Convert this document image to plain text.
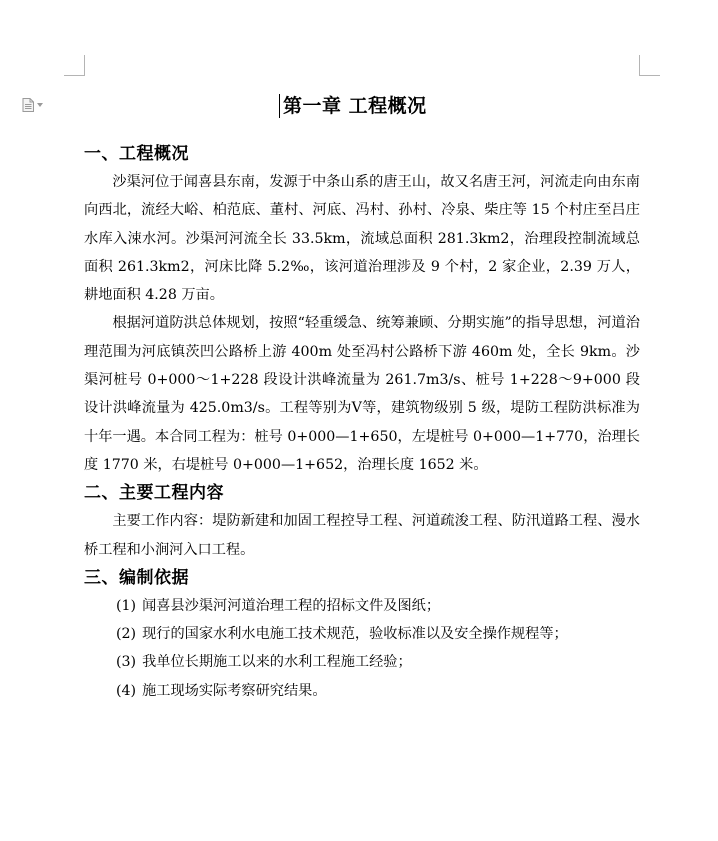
第一章 工程概况
一、工程概况

沙渠河位于闻喜县东南，发源于中条山系的唐王山，故又名唐王河，河流走向由东南向西北，流经大峪、柏范底、董村、河底、冯村、孙村、冷泉、柴庄等 15 个村庄至吕庄水库入涑水河。沙渠河河流全长 33.5km，流域总面积 281.3km2，治理段控制流域总面积 261.3km2，河床比降 5.2‰，该河道治理涉及 9 个村，2 家企业，2.39 万人，耕地面积 4.28 万亩。

根据河道防洪总体规划，按照“轻重缓急、统筹兼顾、分期实施”的指导思想，河道治理范围为河底镇茨凹公路桥上游 400m 处至冯村公路桥下游 460m 处，全长 9km。沙渠河桩号 0+000～1+228 段设计洪峰流量为 261.7m3/s、桩号 1+228～9+000 段设计洪峰流量为 425.0m3/s。工程等别为Ⅴ等，建筑物级别 5 级，堤防工程防洪标准为十年一遇。本合同工程为：桩号 0+000—1+650，左堤桩号 0+000—1+770，治理长度 1770 米，右堤桩号 0+000—1+652，治理长度 1652 米。

二、主要工程内容

主要工作内容：堤防新建和加固工程控导工程、河道疏浚工程、防汛道路工程、漫水桥工程和小涧河入口工程。

三、编制依据
(1) 闻喜县沙渠河河道治理工程的招标文件及图纸；
(2) 现行的国家水利水电施工技术规范，验收标准以及安全操作规程等；
(3) 我单位长期施工以来的水利工程施工经验；
(4) 施工现场实际考察研究结果。
